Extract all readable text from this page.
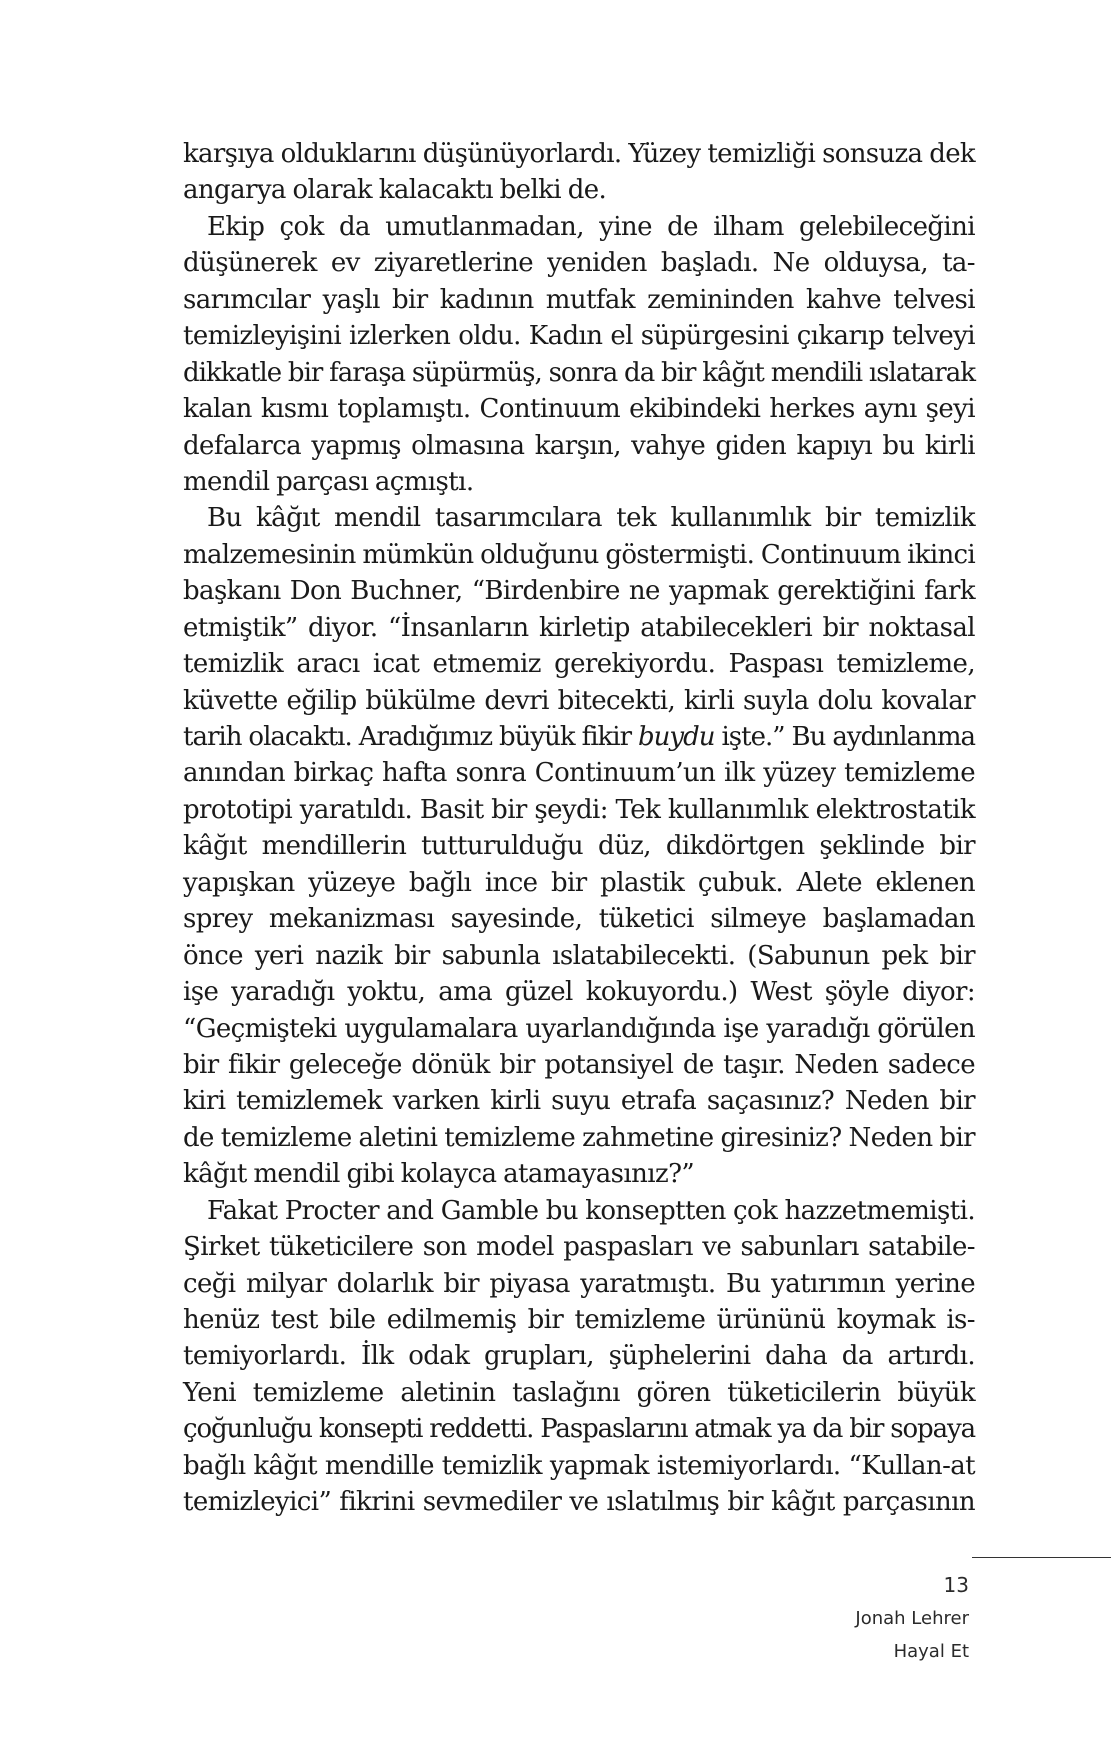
karşıya olduklarını düşünüyorlardı. Yüzey temizliği sonsuza dek
angarya olarak kalacaktı belki de.
Ekip çok da umutlanmadan, yine de ilham gelebileceğini
düşünerek ev ziyaretlerine yeniden başladı. Ne olduysa, ta-
sarımcılar yaşlı bir kadının mutfak zemininden kahve telvesi
temizleyişini izlerken oldu. Kadın el süpürgesini çıkarıp telveyi
dikkatle bir faraşa süpürmüş, sonra da bir kâğıt mendili ıslatarak
kalan kısmı toplamıştı. Continuum ekibindeki herkes aynı şeyi
defalarca yapmış olmasına karşın, vahye giden kapıyı bu kirli
mendil parçası açmıştı.
Bu kâğıt mendil tasarımcılara tek kullanımlık bir temizlik
malzemesinin mümkün olduğunu göstermişti. Continuum ikinci
başkanı Don Buchner, “Birdenbire ne yapmak gerektiğini fark
etmiştik” diyor. “İnsanların kirletip atabilecekleri bir noktasal
temizlik aracı icat etmemiz gerekiyordu. Paspası temizleme,
küvette eğilip bükülme devri bitecekti, kirli suyla dolu kovalar
tarih olacaktı. Aradığımız büyük fikir buydu işte.” Bu aydınlanma
anından birkaç hafta sonra Continuum’un ilk yüzey temizleme
prototipi yaratıldı. Basit bir şeydi: Tek kullanımlık elektrostatik
kâğıt mendillerin tutturulduğu düz, dikdörtgen şeklinde bir
yapışkan yüzeye bağlı ince bir plastik çubuk. Alete eklenen
sprey mekanizması sayesinde, tüketici silmeye başlamadan
önce yeri nazik bir sabunla ıslatabilecekti. (Sabunun pek bir
işe yaradığı yoktu, ama güzel kokuyordu.) West şöyle diyor:
“Geçmişteki uygulamalara uyarlandığında işe yaradığı görülen
bir fikir geleceğe dönük bir potansiyel de taşır. Neden sadece
kiri temizlemek varken kirli suyu etrafa saçasınız? Neden bir
de temizleme aletini temizleme zahmetine giresiniz? Neden bir
kâğıt mendil gibi kolayca atamayasınız?”
Fakat Procter and Gamble bu konseptten çok hazzetmemişti.
Şirket tüketicilere son model paspasları ve sabunları satabile-
ceği milyar dolarlık bir piyasa yaratmıştı. Bu yatırımın yerine
henüz test bile edilmemiş bir temizleme ürününü koymak is-
temiyorlardı. İlk odak grupları, şüphelerini daha da artırdı.
Yeni temizleme aletinin taslağını gören tüketicilerin büyük
çoğunluğu konsepti reddetti. Paspaslarını atmak ya da bir sopaya
bağlı kâğıt mendille temizlik yapmak istemiyorlardı. “Kullan-at
temizleyici” fikrini sevmediler ve ıslatılmış bir kâğıt parçasının
13
Jonah Lehrer
Hayal Et
